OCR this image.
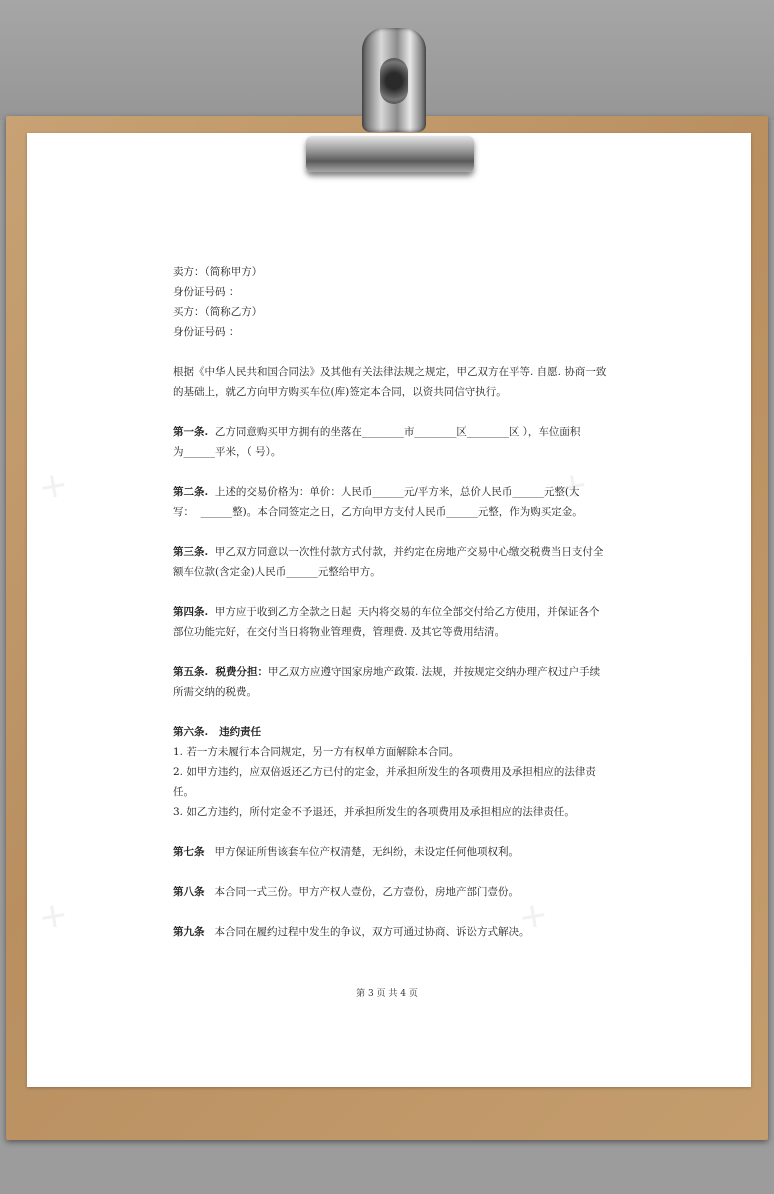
卖方：（简称甲方）
身份证号码 ：
买方：（简称乙方）
身份证号码 ：
根据《中华人民共和国合同法》及其他有关法律法规之规定，甲乙双方在平等. 自愿. 协商一致
的基础上，就乙方向甲方购买车位(库)签定本合同，以资共同信守执行。
第一条. 乙方同意购买甲方拥有的坐落在________市________区________区 ），车位面积
为______平米，（ 号）。
第二条. 上述的交易价格为：单价：人民币______元/平方米，总价人民币______元整(大
写：  ______整)。本合同签定之日，乙方向甲方支付人民币______元整，作为购买定金。
第三条. 甲乙双方同意以一次性付款方式付款，并约定在房地产交易中心缴交税费当日支付全
额车位款(含定金)人民币______元整给甲方。
第四条. 甲方应于收到乙方全款之日起  天内将交易的车位全部交付给乙方使用，并保证各个
部位功能完好，在交付当日将物业管理费，管理费. 及其它等费用结清。
第五条.  税费分担：甲乙双方应遵守国家房地产政策. 法规，并按规定交纳办理产权过户手续
所需交纳的税费。
第六条.   违约责任
1. 若一方未履行本合同规定，另一方有权单方面解除本合同。
2. 如甲方违约，应双倍返还乙方已付的定金，并承担所发生的各项费用及承担相应的法律责
任。
3. 如乙方违约，所付定金不予退还，并承担所发生的各项费用及承担相应的法律责任。
第七条 甲方保证所售该套车位产权清楚，无纠纷，未设定任何他项权利。
第八条 本合同一式三份。甲方产权人壹份，乙方壹份，房地产部门壹份。
第九条 本合同在履约过程中发生的争议，双方可通过协商、诉讼方式解决。
第 3 页 共 4 页
